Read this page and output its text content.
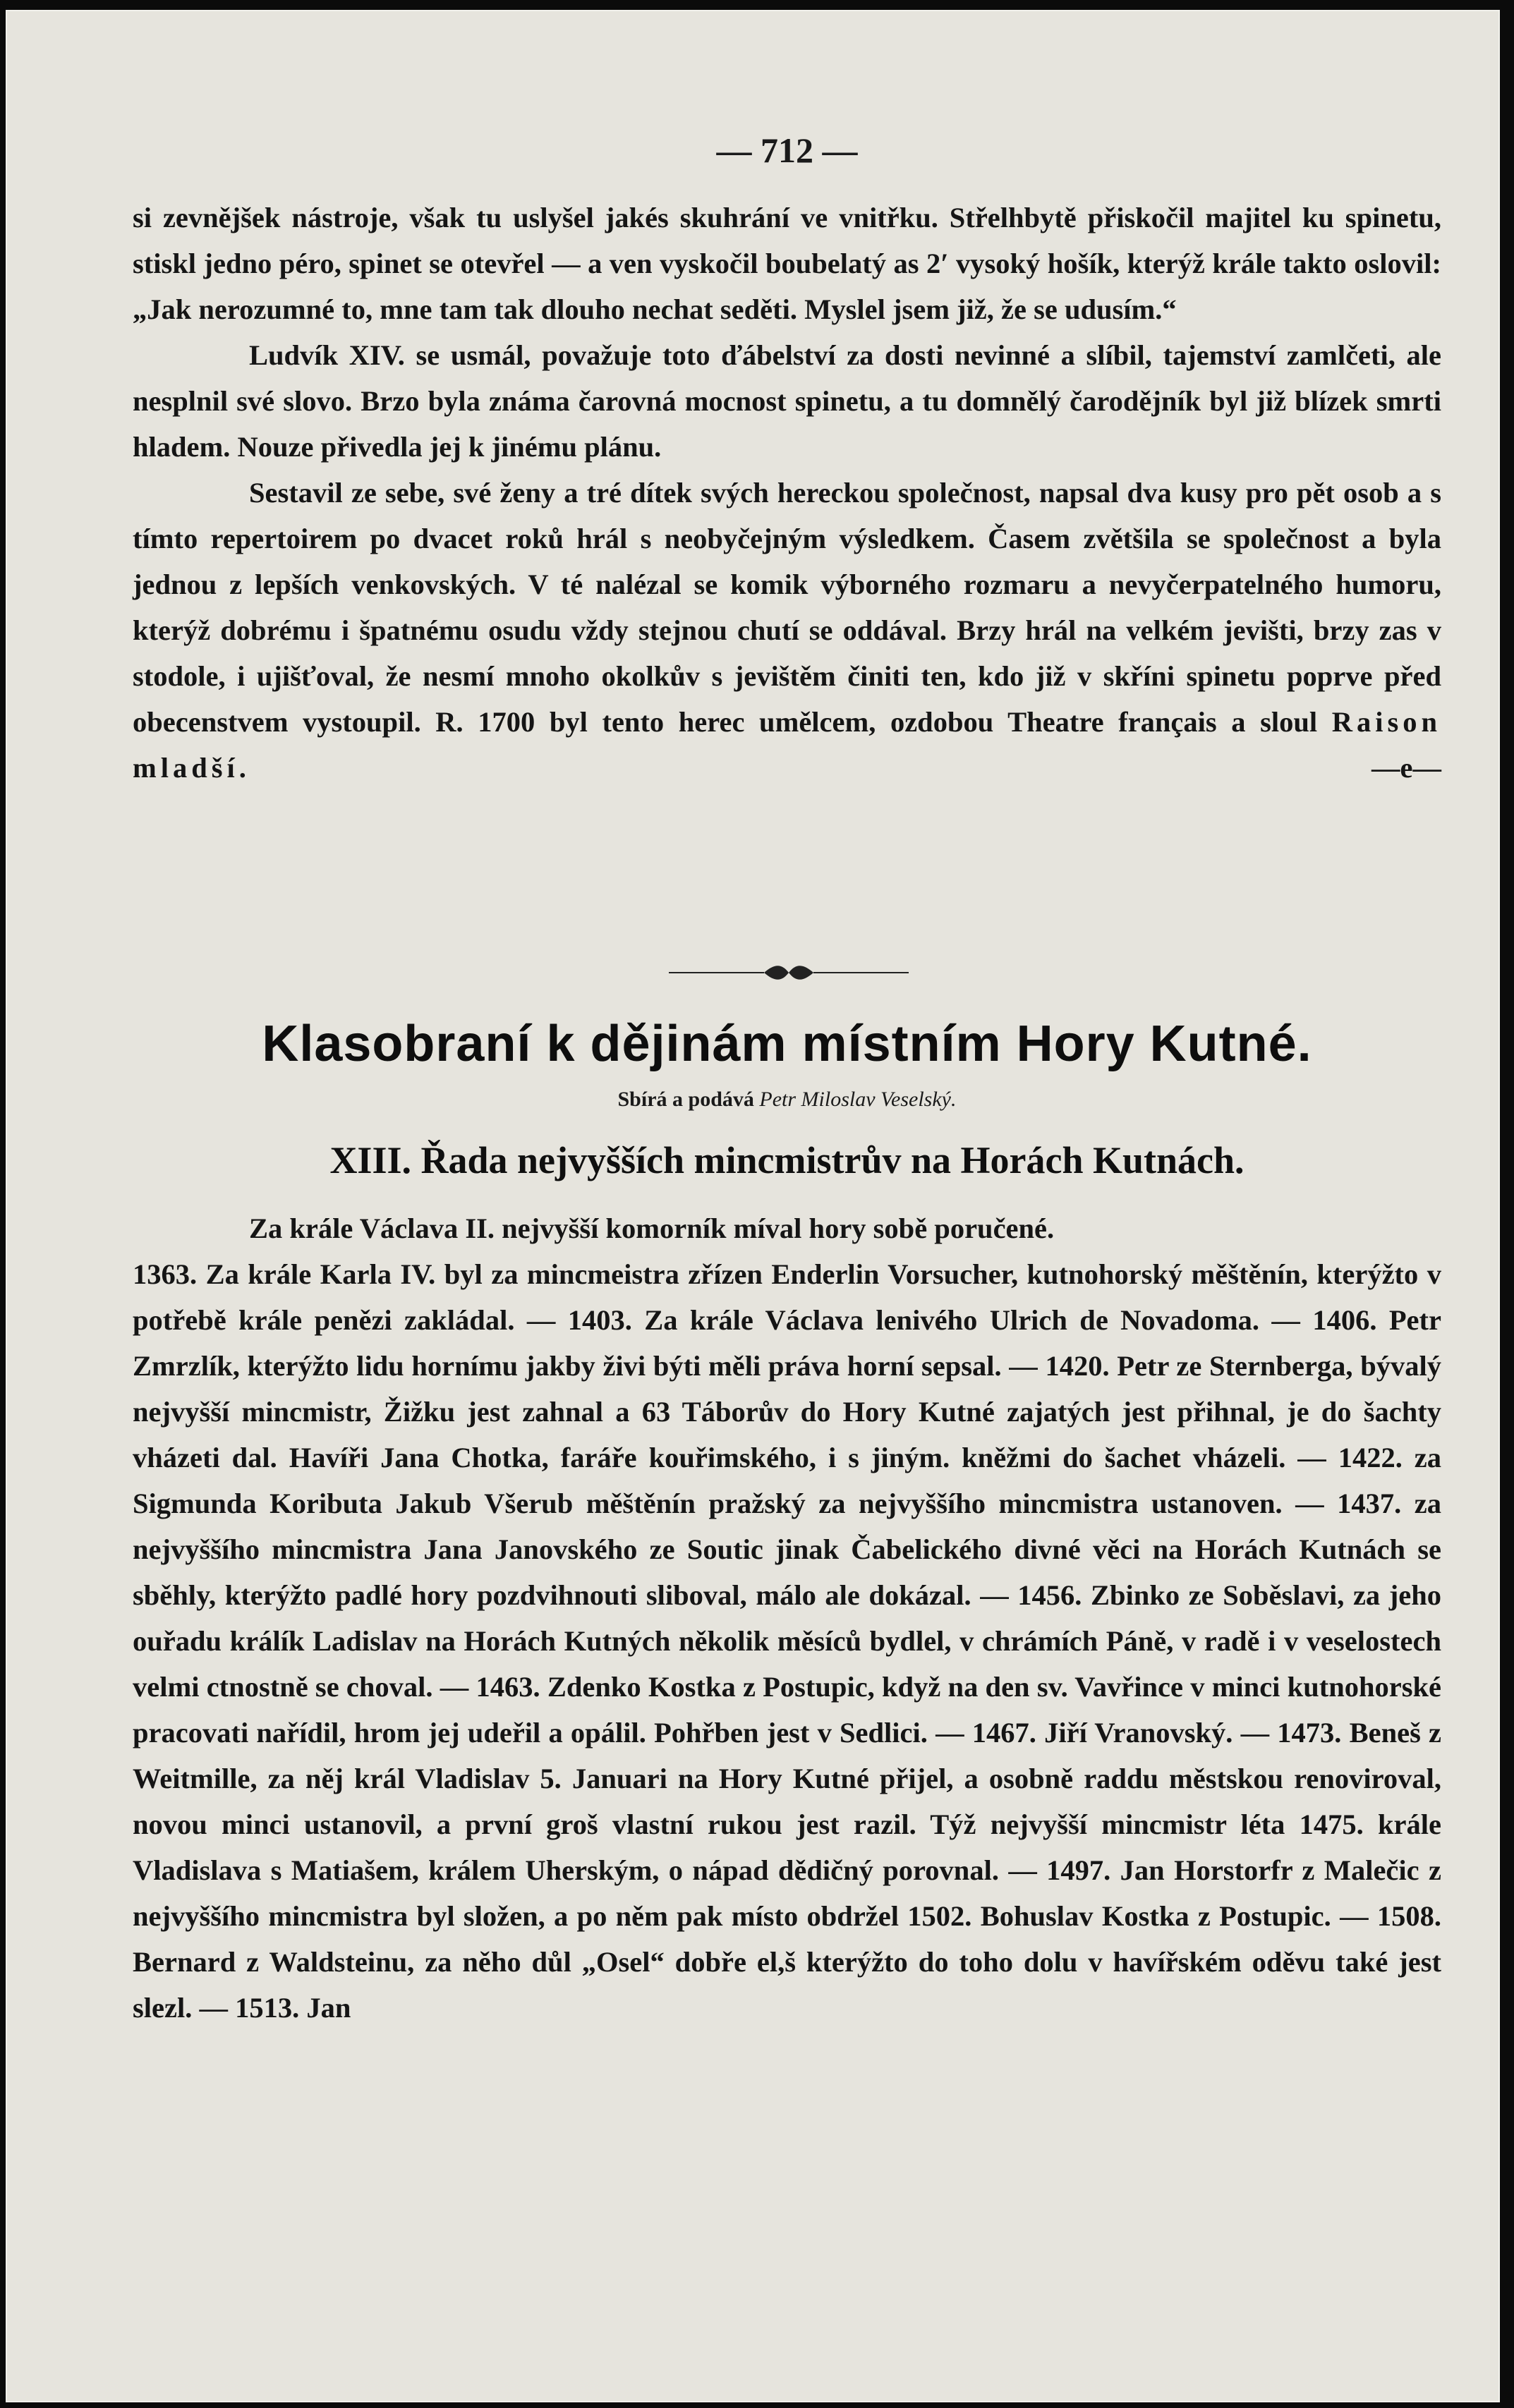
— 712 —

si zevnějšek nástroje, však tu uslyšel jakés skuhrání ve vnitřku. Střelhbytě přiskočil majitel ku spinetu, stiskl jedno péro, spinet se otevřel — a ven vyskočil boubelatý as 2′ vysoký hošík, kterýž krále takto oslovil: „Jak nerozumné to, mne tam tak dlouho nechat seděti. Myslel jsem již, že se udusím.“

Ludvík XIV. se usmál, považuje toto ďábelství za dosti nevinné a slíbil, tajemství zamlčeti, ale nesplnil své slovo. Brzo byla známa čarovná mocnost spinetu, a tu domnělý čarodějník byl již blízek smrti hladem. Nouze přivedla jej k jinému plánu.

Sestavil ze sebe, své ženy a tré dítek svých hereckou společnost, napsal dva kusy pro pět osob a s tímto repertoirem po dvacet roků hrál s neobyčejným výsledkem. Časem zvětšila se společnost a byla jednou z lepších venkovských. V té nalézal se komik výborného rozmaru a nevyčerpatelného humoru, kterýž dobrému i špatnému osudu vždy stejnou chutí se oddával. Brzy hrál na velkém jevišti, brzy zas v stodole, i ujišťoval, že nesmí mnoho okolkův s jevištěm činiti ten, kdo již v skříni spinetu poprve před obecenstvem vystoupil. R. 1700 byl tento herec umělcem, ozdobou Theatre français a sloul Raison mladší.	—e—

Klasobraní k dějinám místním Hory Kutné.
Sbírá a podává Petr Miloslav Veselský.
XIII. Řada nejvyšších mincmistrův na Horách Kutnách.

Za krále Václava II. nejvyšší komorník míval hory sobě poručené.

1363. Za krále Karla IV. byl za mincmeistra zřízen Enderlin Vorsucher, kutnohorský měštěnín, kterýžto v potřebě krále penězi zakládal. — 1403. Za krále Václava lenivého Ulrich de Novadoma. — 1406. Petr Zmrzlík, kterýžto lidu hornímu jakby živi býti měli práva horní sepsal. — 1420. Petr ze Sternberga, bývalý nejvyšší mincmistr, Žižku jest zahnal a 63 Táborův do Hory Kutné zajatých jest přihnal, je do šachty vházeti dal. Havíři Jana Chotka, faráře kouřimského, i s jiným. kněžmi do šachet vházeli. — 1422. za Sigmunda Koributa Jakub Všerub měštěnín pražský za nejvyššího mincmistra ustanoven. — 1437. za nejvyššího mincmistra Jana Janovského ze Soutic jinak Čabelického divné věci na Horách Kutnách se sběhly, kterýžto padlé hory pozdvihnouti sliboval, málo ale dokázal. — 1456. Zbinko ze Soběslavi, za jeho ouřadu králík Ladislav na Horách Kutných několik měsíců bydlel, v chrámích Páně, v radě i v veselostech velmi ctnostně se choval. — 1463. Zdenko Kostka z Postupic, když na den sv. Vavřince v minci kutnohorské pracovati nařídil, hrom jej udeřil a opálil. Pohřben jest v Sedlici. — 1467. Jiří Vranovský. — 1473. Beneš z Weitmille, za něj král Vladislav 5. Januari na Hory Kutné přijel, a osobně raddu městskou renoviroval, novou minci ustanovil, a první groš vlastní rukou jest razil. Týž nejvyšší mincmistr léta 1475. krále Vladislava s Matiašem, králem Uherským, o nápad dědičný porovnal. — 1497. Jan Horstorfr z Malečic z nejvyššího mincmistra byl složen, a po něm pak místo obdržel 1502. Bohuslav Kostka z Postupic. — 1508. Bernard z Waldsteinu, za něho důl „Osel“ dobře el,š kterýžto do toho dolu v havířském oděvu také jest slezl. — 1513. Jan
